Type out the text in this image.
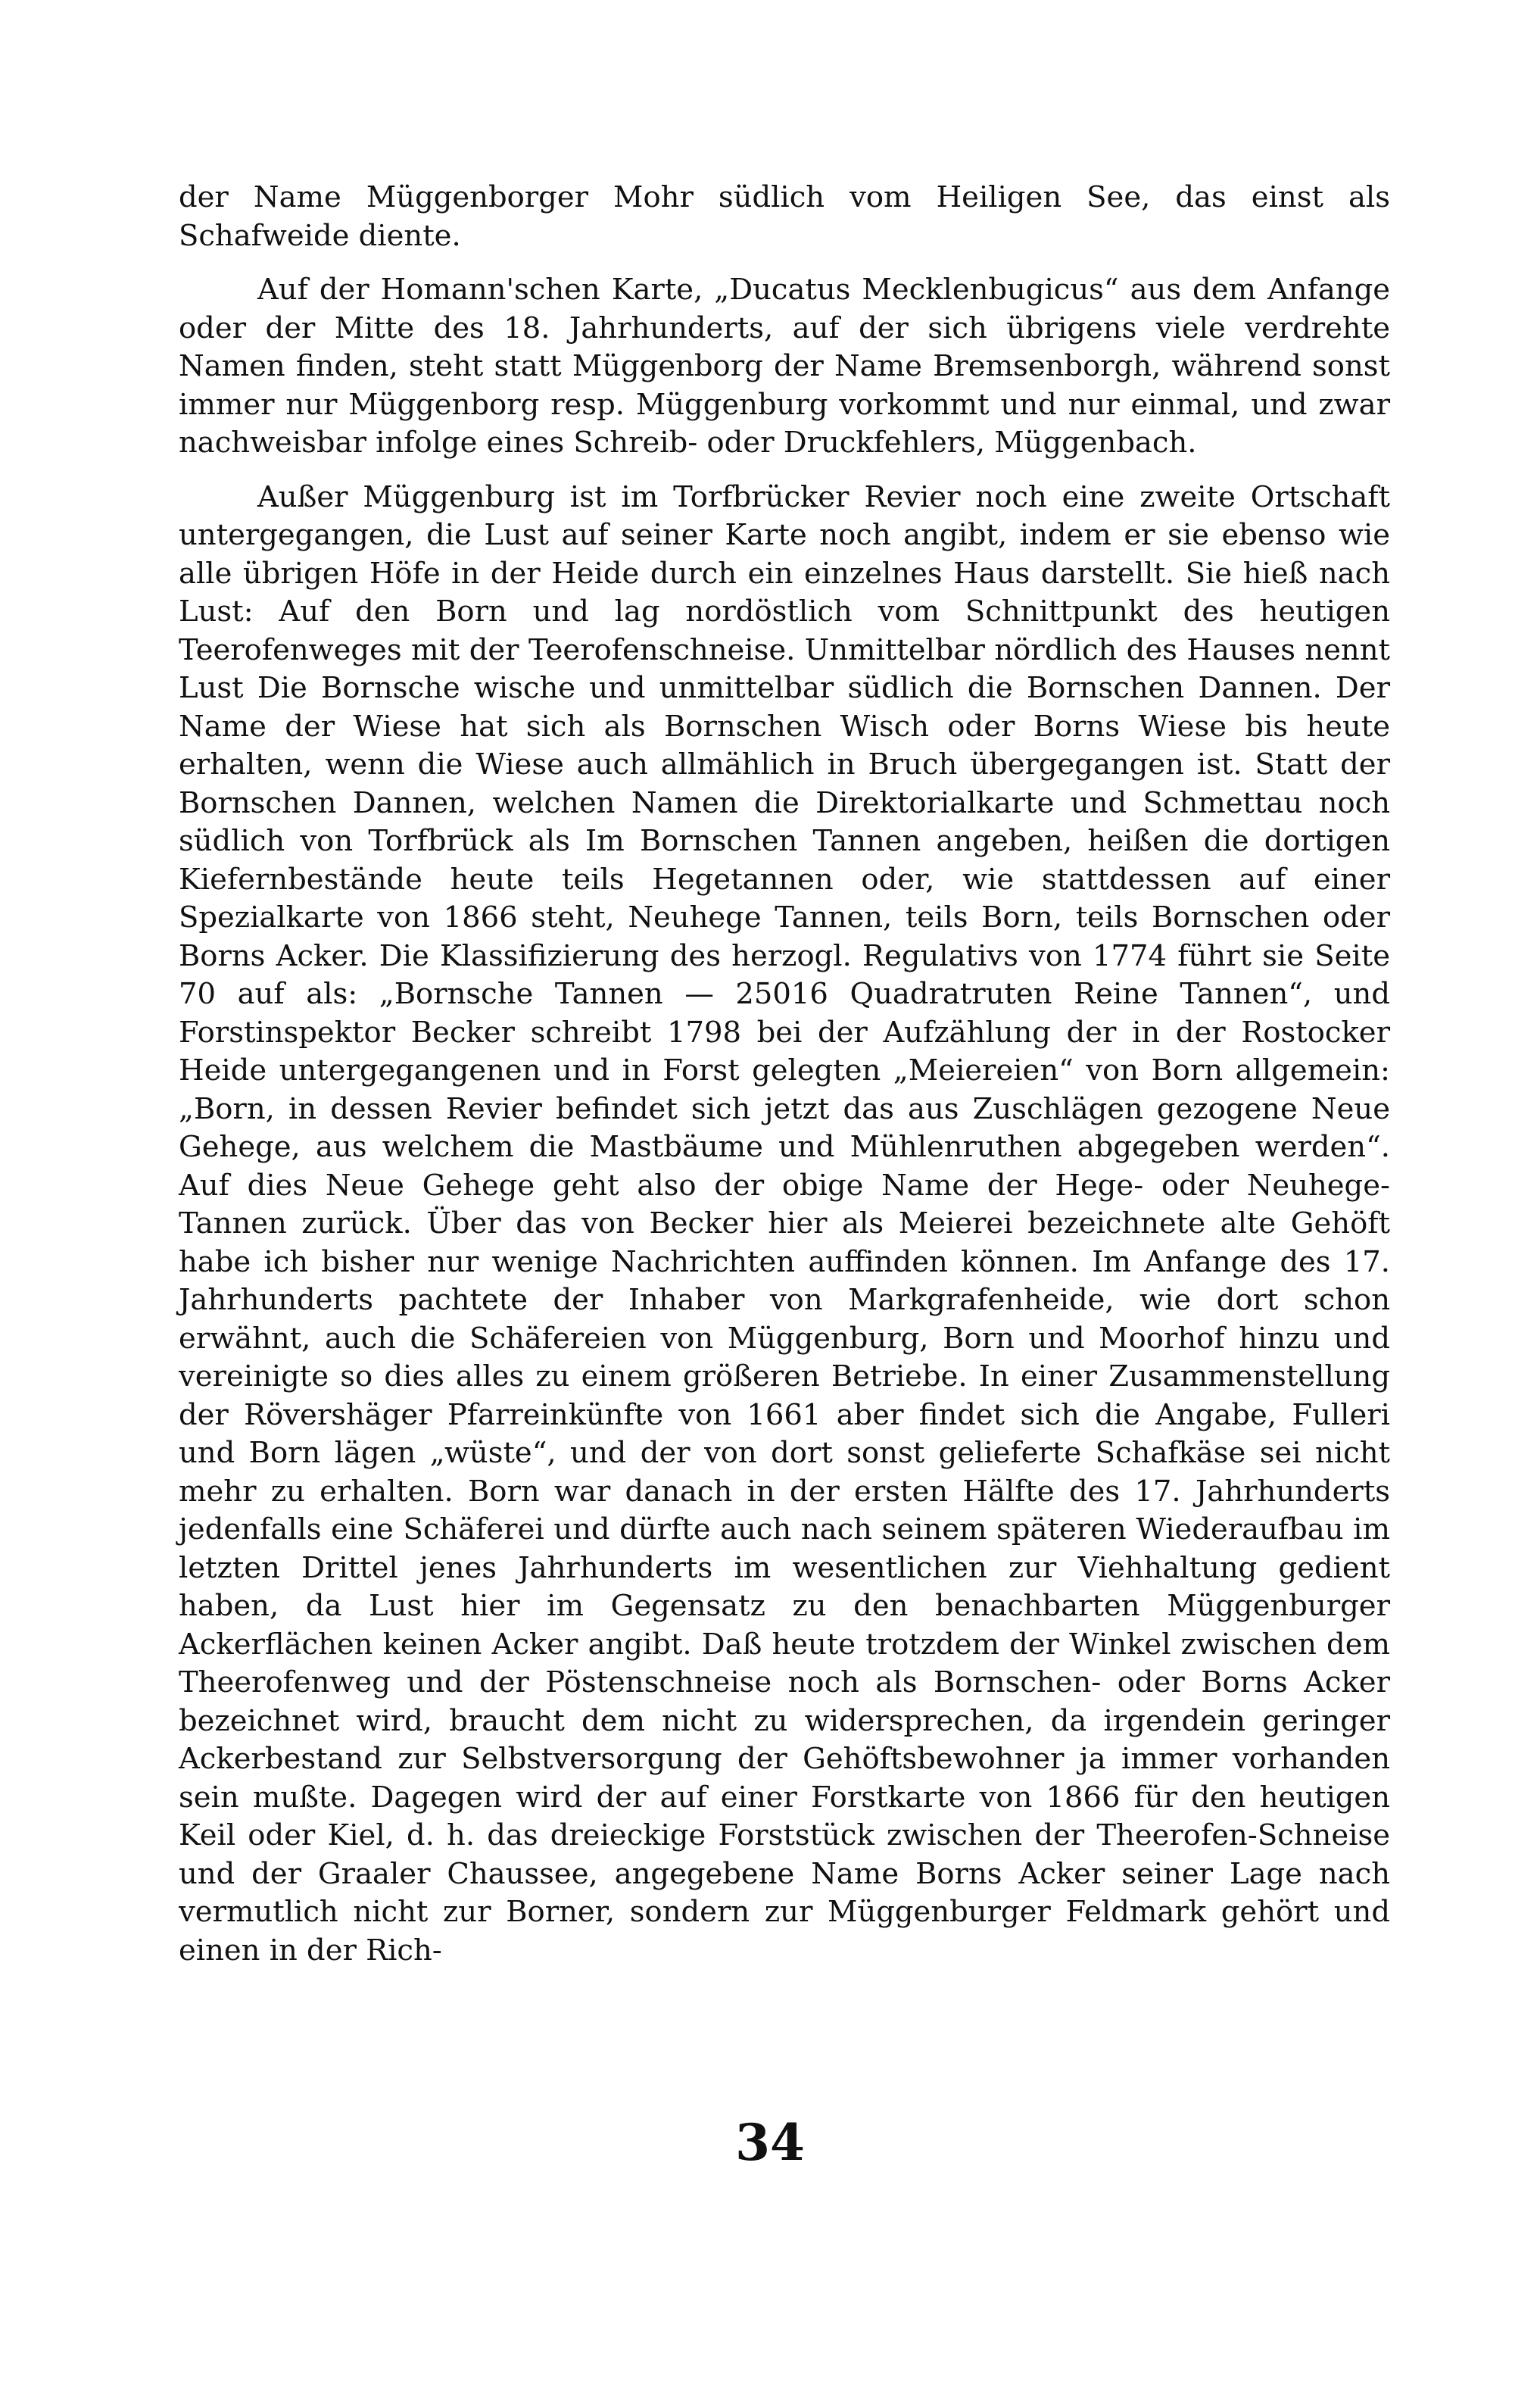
der Name Müggenborger Mohr südlich vom Heiligen See, das einst als Schafweide diente.

Auf der Homann'schen Karte, „Ducatus Mecklenbugicus“ aus dem Anfange oder der Mitte des 18. Jahrhunderts, auf der sich übrigens viele verdrehte Namen finden, steht statt Müggenborg der Name Bremsenborgh, während sonst immer nur Müggenborg resp. Müggenburg vorkommt und nur einmal, und zwar nachweisbar infolge eines Schreib- oder Druckfehlers, Müggenbach.

Außer Müggenburg ist im Torfbrücker Revier noch eine zweite Ortschaft untergegangen, die Lust auf seiner Karte noch angibt, indem er sie ebenso wie alle übrigen Höfe in der Heide durch ein einzelnes Haus darstellt. Sie hieß nach Lust: Auf den Born und lag nordöstlich vom Schnittpunkt des heutigen Teerofenweges mit der Teerofenschneise. Unmittelbar nördlich des Hauses nennt Lust Die Bornsche wische und unmittelbar südlich die Bornschen Dannen. Der Name der Wiese hat sich als Bornschen Wisch oder Borns Wiese bis heute erhalten, wenn die Wiese auch allmählich in Bruch übergegangen ist. Statt der Bornschen Dannen, welchen Namen die Direktorialkarte und Schmettau noch südlich von Torfbrück als Im Bornschen Tannen angeben, heißen die dortigen Kiefernbestände heute teils Hegetannen oder, wie stattdessen auf einer Spezialkarte von 1866 steht, Neuhege Tannen, teils Born, teils Bornschen oder Borns Acker. Die Klassifizierung des herzogl. Regulativs von 1774 führt sie Seite 70 auf als: „Bornsche Tannen — 25016 Quadratruten Reine Tannen“, und Forstinspektor Becker schreibt 1798 bei der Aufzählung der in der Rostocker Heide untergegangenen und in Forst gelegten „Meiereien“ von Born allgemein: „Born, in dessen Revier befindet sich jetzt das aus Zuschlägen gezogene Neue Gehege, aus welchem die Mastbäume und Mühlenruthen abgegeben werden“. Auf dies Neue Gehege geht also der obige Name der Hege- oder Neuhege-Tannen zurück. Über das von Becker hier als Meierei bezeichnete alte Gehöft habe ich bisher nur wenige Nachrichten auffinden können. Im Anfange des 17. Jahrhunderts pachtete der Inhaber von Markgrafenheide, wie dort schon erwähnt, auch die Schäfereien von Müggenburg, Born und Moorhof hinzu und vereinigte so dies alles zu einem größeren Betriebe. In einer Zusammenstellung der Rövershäger Pfarreinkünfte von 1661 aber findet sich die Angabe, Fulleri und Born lägen „wüste“, und der von dort sonst gelieferte Schafkäse sei nicht mehr zu erhalten. Born war danach in der ersten Hälfte des 17. Jahrhunderts jedenfalls eine Schäferei und dürfte auch nach seinem späteren Wiederaufbau im letzten Drittel jenes Jahrhunderts im wesentlichen zur Viehhaltung gedient haben, da Lust hier im Gegensatz zu den benachbarten Müggenburger Ackerflächen keinen Acker angibt. Daß heute trotzdem der Winkel zwischen dem Theerofenweg und der Pöstenschneise noch als Bornschen- oder Borns Acker bezeichnet wird, braucht dem nicht zu widersprechen, da irgendein geringer Ackerbestand zur Selbstversorgung der Gehöftsbewohner ja immer vorhanden sein mußte. Dagegen wird der auf einer Forstkarte von 1866 für den heutigen Keil oder Kiel, d. h. das dreieckige Forststück zwischen der Theerofen-Schneise und der Graaler Chaussee, angegebene Name Borns Acker seiner Lage nach vermutlich nicht zur Borner, sondern zur Müggenburger Feldmark gehört und einen in der Rich-

34
